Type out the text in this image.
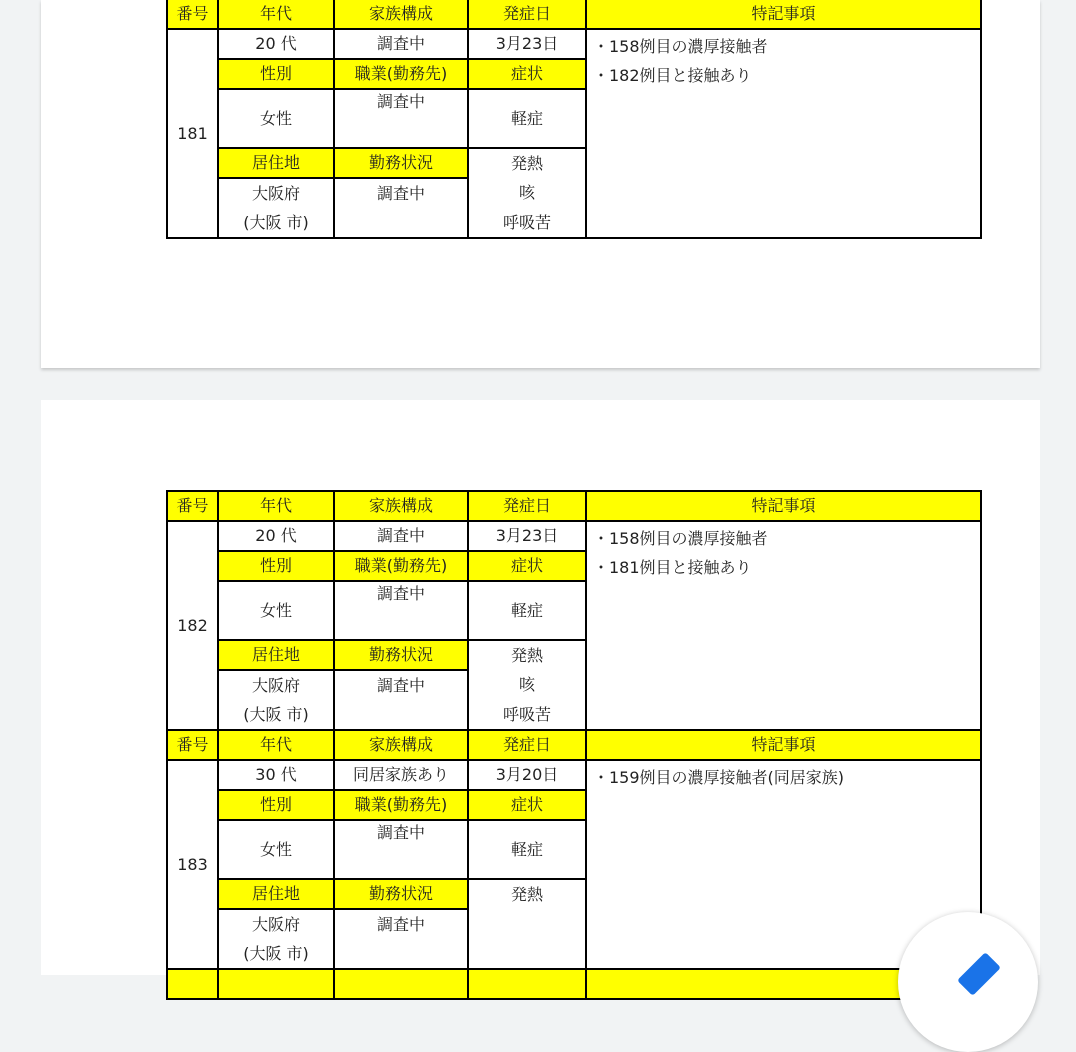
番号	年代	家族構成	発症日	特記事項
181	20 代	調査中	3月23日	・158例目の濃厚接触者
・182例目と接触あり

	性別	職業(勤務先)	症状	
	女性	調査中	軽症	
	居住地	勤務状況	発熱	
	大阪府	調査中	咳	
	(大阪 市)		呼吸苦	
番号	年代	家族構成	発症日	特記事項
182	20 代	調査中	3月23日	・158例目の濃厚接触者
・181例目と接触あり

	性別	職業(勤務先)	症状	
	女性	調査中	軽症	
	居住地	勤務状況	発熱	
	大阪府	調査中	咳	
	(大阪 市)		呼吸苦	
番号	年代	家族構成	発症日	特記事項
183	30 代	同居家族あり	3月20日	・159例目の濃厚接触者(同居家族)

	性別	職業(勤務先)	症状	
	女性	調査中	軽症	
	居住地	勤務状況	発熱	
	大阪府	調査中		
	(大阪 市)			
